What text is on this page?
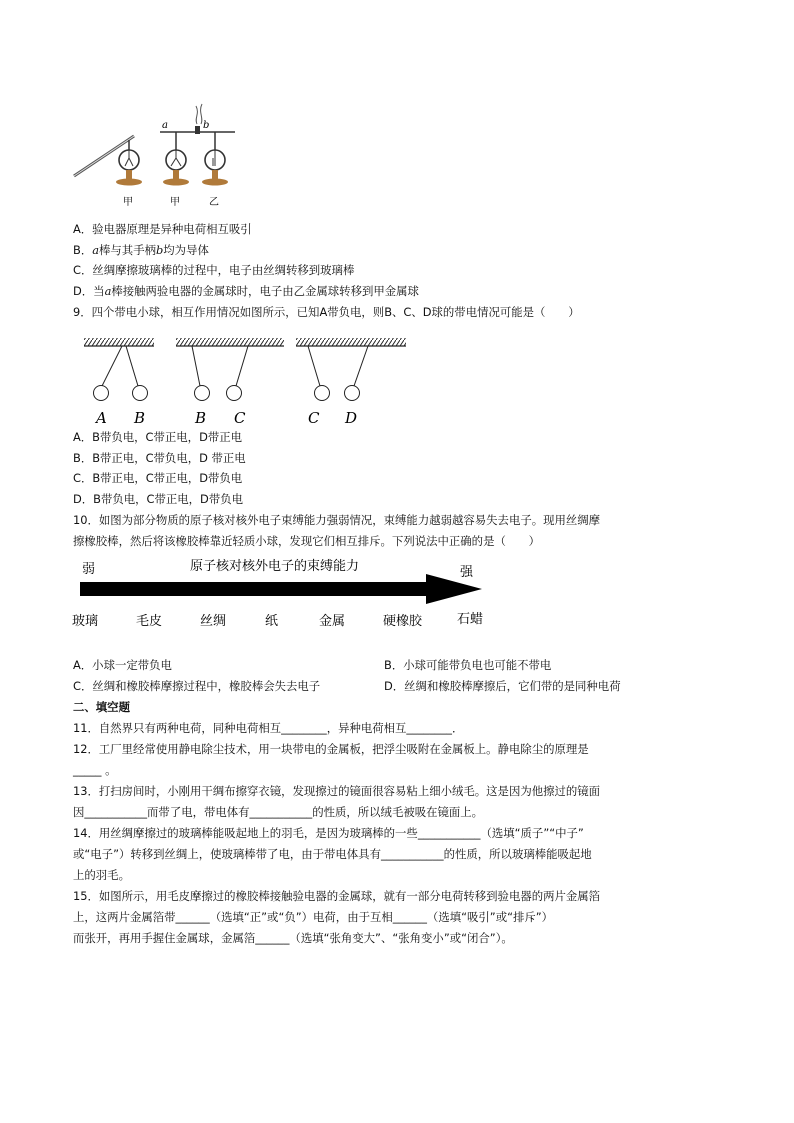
a	b
甲	甲	乙
A．验电器原理是异种电荷相互吸引
B．a棒与其手柄b均为导体
C．丝绸摩擦玻璃棒的过程中，电子由丝绸转移到玻璃棒
D．当a棒接触两验电器的金属球时，电子由乙金属球转移到甲金属球
9．四个带电小球，相互作用情况如图所示，已知A带负电，则B、C、D球的带电情况可能是（　　）
A B	B C	C D
A．B带负电，C带正电，D带正电
B．B带正电，C带负电，D 带正电
C．B带正电，C带正电，D带负电
D．B带负电，C带正电，D带负电
10．如图为部分物质的原子核对核外电子束缚能力强弱情况，束缚能力越弱越容易失去电子。现用丝绸摩
擦橡胶棒，然后将该橡胶棒靠近轻质小球，发现它们相互排斥。下列说法中正确的是（　　）
弱	原子核对核外电子的束缚能力	强
玻璃	毛皮	丝绸	纸	金属	硬橡胶	石蜡
A．小球一定带负电	B．小球可能带负电也可能不带电
C．丝绸和橡胶棒摩擦过程中，橡胶棒会失去电子	D．丝绸和橡胶棒摩擦后，它们带的是同种电荷
二、填空题
11．自然界只有两种电荷，同种电荷相互________，异种电荷相互________．
12．工厂里经常使用静电除尘技术，用一块带电的金属板，把浮尘吸附在金属板上。静电除尘的原理是
_____ 。
13．打扫房间时，小刚用干绸布擦穿衣镜，发现擦过的镜面很容易粘上细小绒毛。这是因为他擦过的镜面
因___________而带了电，带电体有___________的性质，所以绒毛被吸在镜面上。
14．用丝绸摩擦过的玻璃棒能吸起地上的羽毛，是因为玻璃棒的一些___________（选填“质子”“中子”
或“电子”）转移到丝绸上，使玻璃棒带了电，由于带电体具有___________的性质，所以玻璃棒能吸起地
上的羽毛。
15．如图所示，用毛皮摩擦过的橡胶棒接触验电器的金属球，就有一部分电荷转移到验电器的两片金属箔
上，这两片金属箔带______（选填“正”或“负”）电荷，由于互相______（选填“吸引”或“排斥”）
而张开，再用手握住金属球，金属箔______（选填“张角变大”、“张角变小”或“闭合”）。
